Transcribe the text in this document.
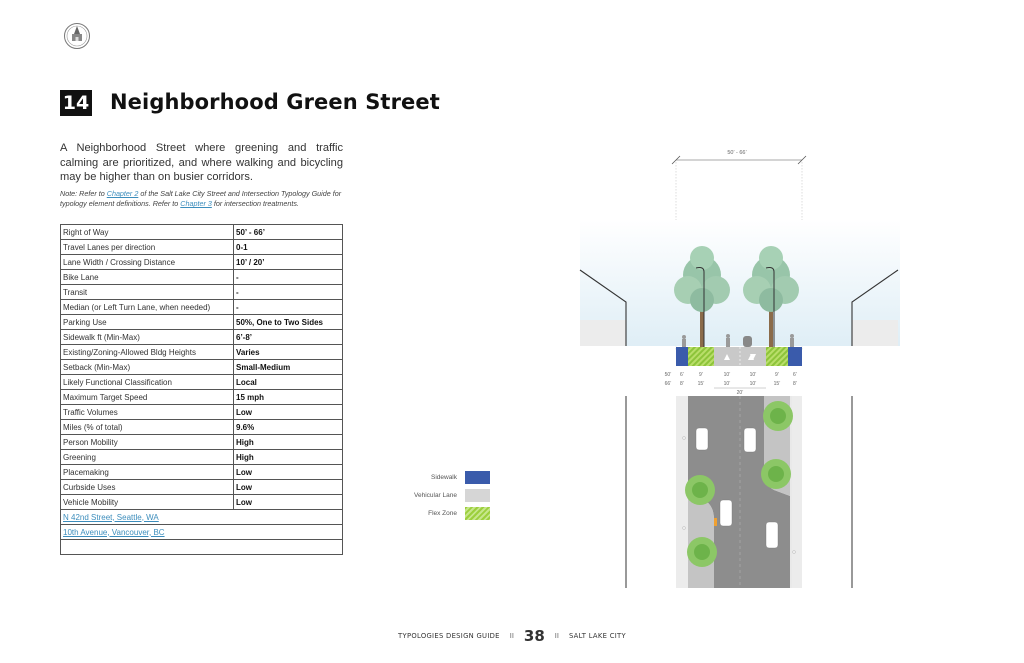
14 Neighborhood Green Street

A Neighborhood Street where greening and traffic calming are prioritized, and where walking and bicycling may be higher than on busier corridors.

Note: Refer to Chapter 2 of the Salt Lake City Street and Intersection Typology Guide for typology element definitions. Refer to Chapter 3 for intersection treatments.

Right of Way	50’ - 66’
Travel Lanes per direction	0-1
Lane Width / Crossing Distance	10’ / 20’
Bike Lane	-
Transit	-
Median (or Left Turn Lane, when needed)	-
Parking Use	50%, One to Two Sides
Sidewalk ft (Min-Max)	6’-8’
Existing/Zoning-Allowed Bldg Heights	Varies
Setback (Min-Max)	Small-Medium
Likely Functional Classification	Local
Maximum Target Speed	15 mph
Traffic Volumes	Low
Miles (% of total)	9.6%
Person Mobility	High
Greening	High
Placemaking	Low
Curbside Uses	Low
Vehicle Mobility	Low
N 42nd Street, Seattle, WA	
10th Avenue, Vancouver, BC	

Sidewalk
Vehicular Lane
Flex Zone
50’ - 66’
50’ 6’	9’	10’	10’	9’	6’
66’ 8’	15’	10’	10’	15’	8’
20’
TYPOLOGIES DESIGN GUIDE II 38 II SALT LAKE CITY
